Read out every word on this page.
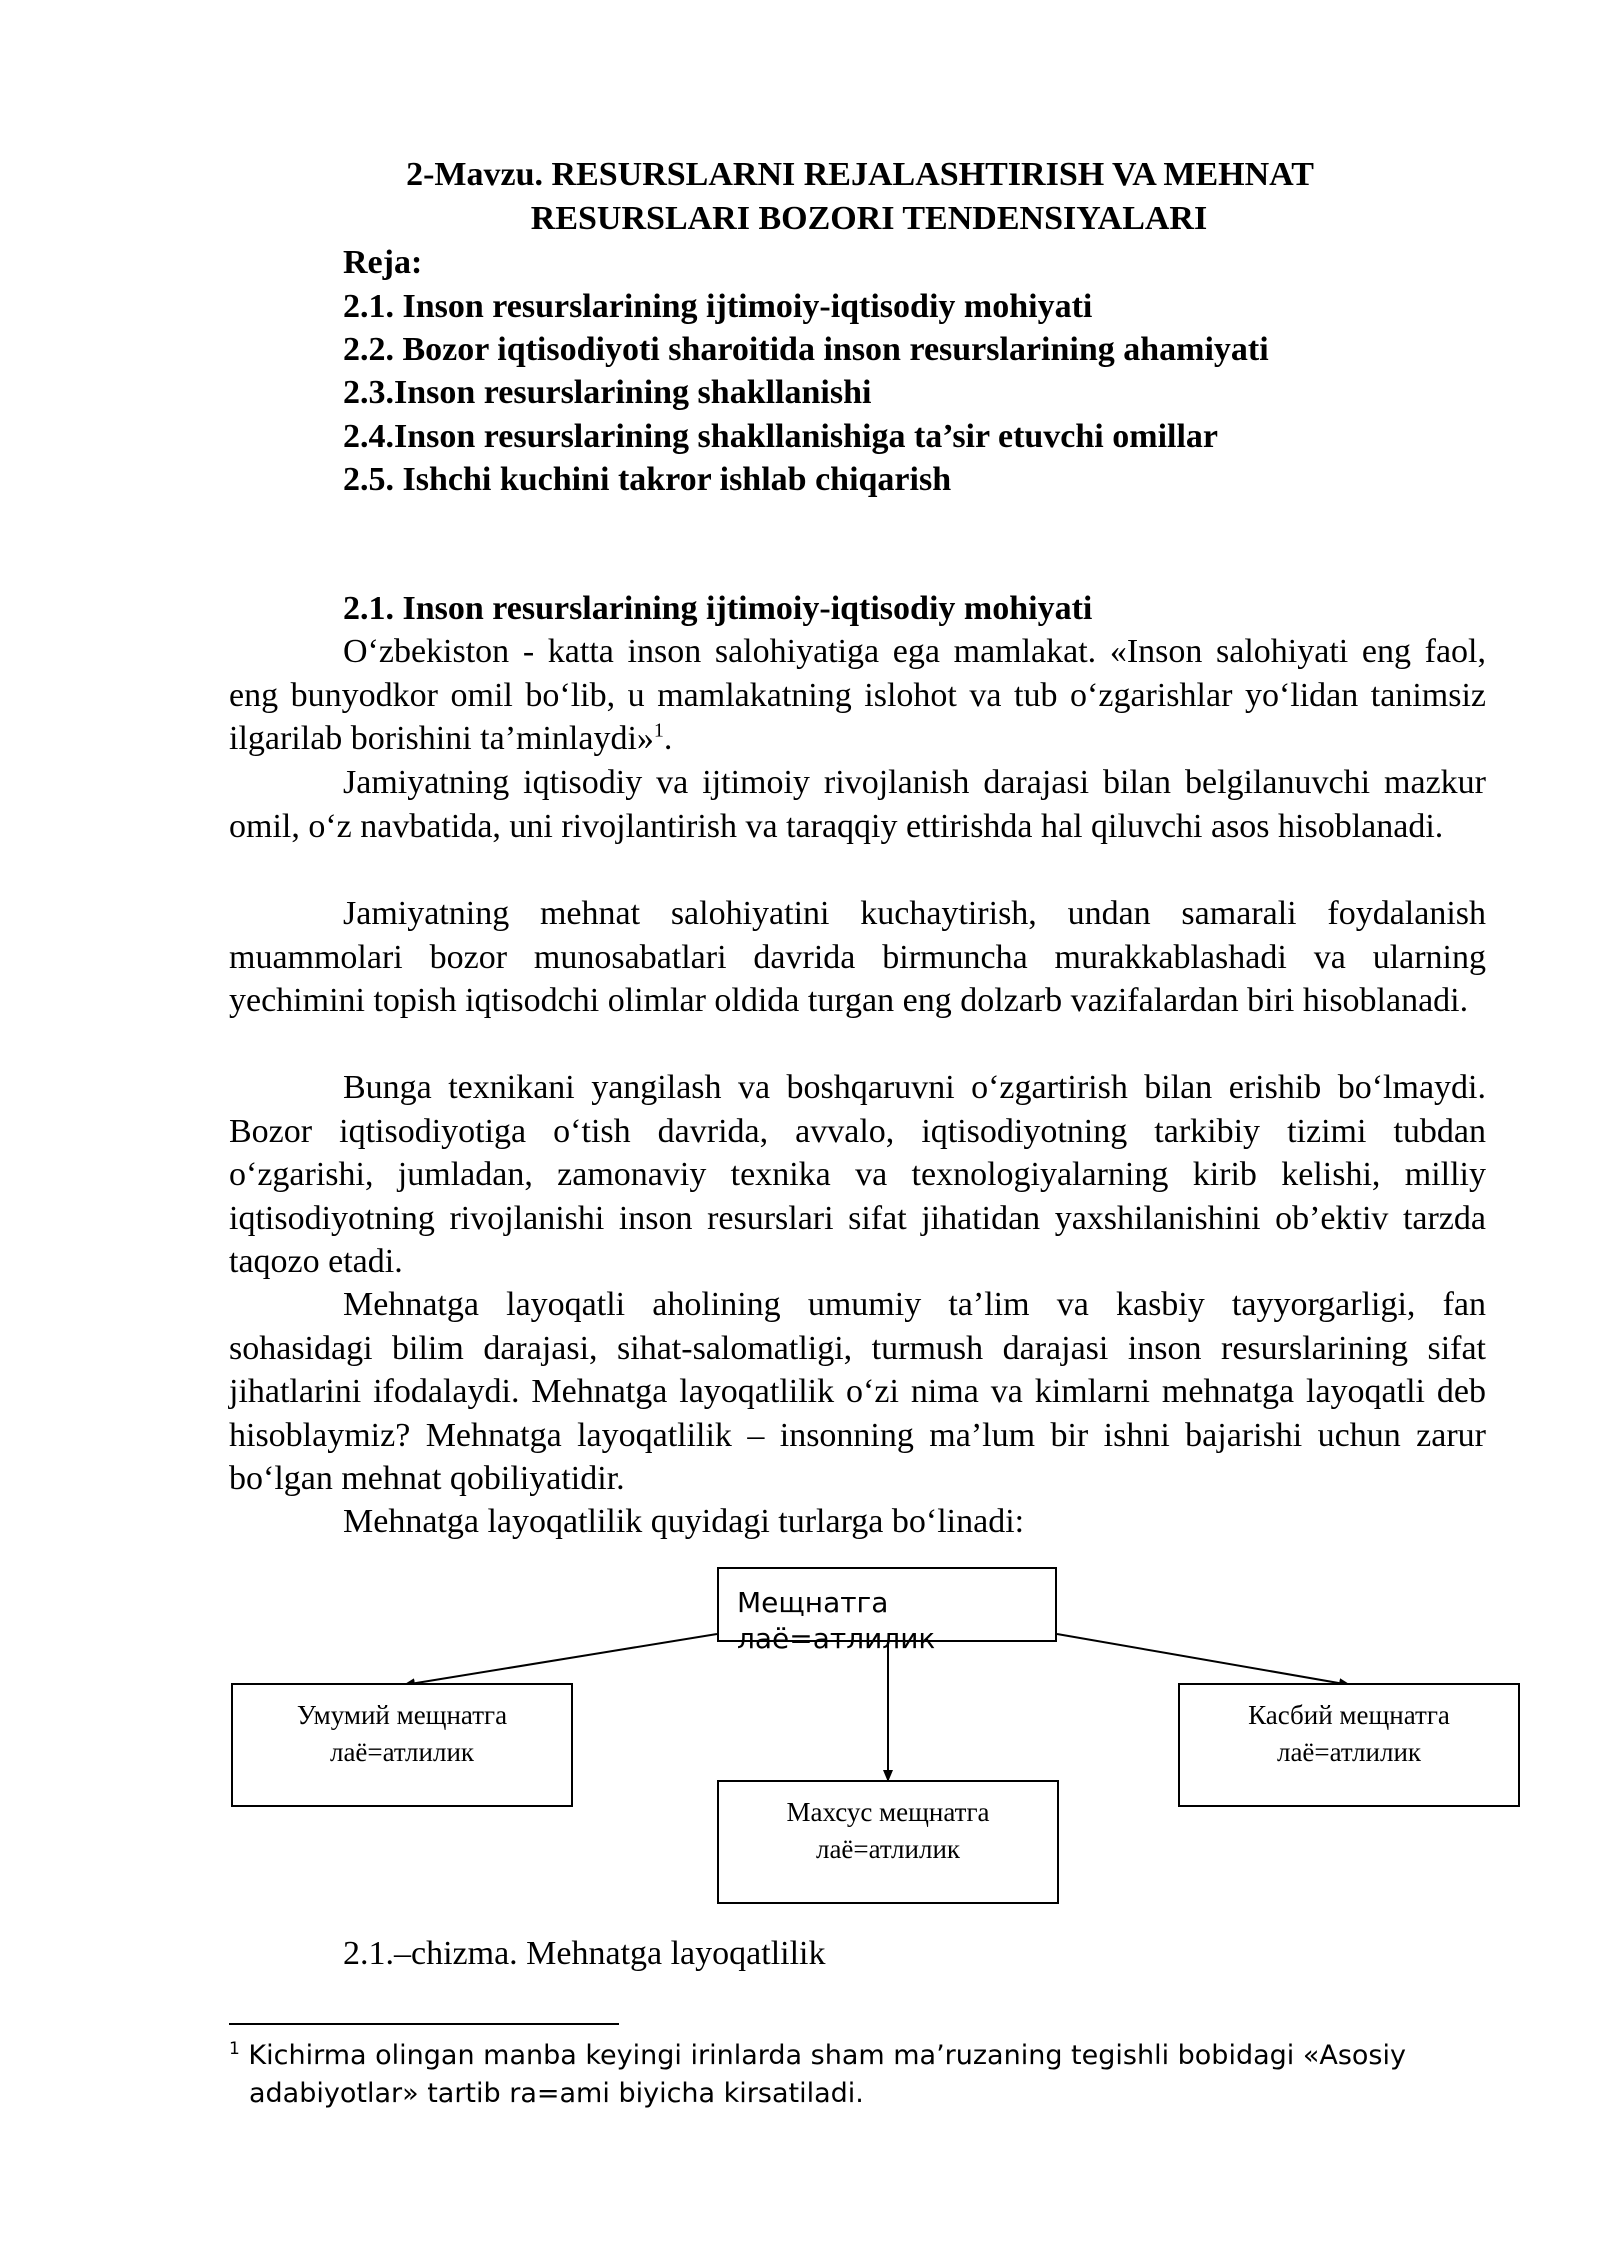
2-Mavzu. RESURSLARNI REJALASHTIRISH VA MEHNAT
RESURSLARI BOZORI TENDENSIYALARI
Reja:
2.1. Inson resurslarining ijtimoiy-iqtisodiy mohiyati
2.2. Bozor iqtisodiyoti sharoitida inson resurslarining ahamiyati
2.3.Inson resurslarining shakllanishi
2.4.Inson resurslarining shakllanishiga ta’sir etuvchi omillar
2.5. Ishchi kuchini takror ishlab chiqarish
2.1. Inson resurslarining ijtimoiy-iqtisodiy mohiyati

O‘zbekiston - katta inson salohiyatiga ega mamlakat. «Inson salohiyati eng faol, eng bunyodkor omil bo‘lib, u mamlakatning islohot va tub o‘zgarishlar yo‘lidan tanimsiz ilgarilab borishini ta’minlaydi»$^1$.

Jamiyatning iqtisodiy va ijtimoiy rivojlanish darajasi bilan belgilanuvchi mazkur omil, o‘z navbatida, uni rivojlantirish va taraqqiy ettirishda hal qiluvchi asos hisoblanadi.

Jamiyatning mehnat salohiyatini kuchaytirish, undan samarali foydalanish muammolari bozor munosabatlari davrida birmuncha murakkablashadi va ularning yechimini topish iqtisodchi olimlar oldida turgan eng dolzarb vazifalardan biri hisoblanadi.

Bunga texnikani yangilash va boshqaruvni o‘zgartirish bilan erishib bo‘lmaydi. Bozor iqtisodiyotiga o‘tish davrida, avvalo, iqtisodiyotning tarkibiy tizimi tubdan o‘zgarishi, jumladan, zamonaviy texnika va texnologiyalarning kirib kelishi, milliy iqtisodiyotning rivojlanishi inson resurslari sifat jihatidan yaxshilanishini ob’ektiv tarzda taqozo etadi.

Mehnatga layoqatli aholining umumiy ta’lim va kasbiy tayyorgarligi, fan sohasidagi bilim darajasi, sihat-salomatligi, turmush darajasi inson resurslarining sifat jihatlarini ifodalaydi. Mehnatga layoqatlilik o‘zi nima va kimlarni mehnatga layoqatli deb hisoblaymiz? Mehnatga layoqatlilik – insonning ma’lum bir ishni bajarishi uchun zarur bo‘lgan mehnat qobiliyatidir.

Mehnatga layoqatlilik quyidagi turlarga bo‘linadi:

Мещнатга
лаё=атлилик
Умумий мещнатга
лаё=атлилик
Махсус мещнатга
лаё=атлилик
Касбий мещнатга
лаё=атлилик
2.1.–chizma. Mehnatga layoqatlilik
$^1$ Kichirma olingan manba keyingi irinlarda sham ma’ruzaning tegishli bobidagi «Asosiy
adabiyotlar» tartib ra=ami biyicha kirsatiladi.
